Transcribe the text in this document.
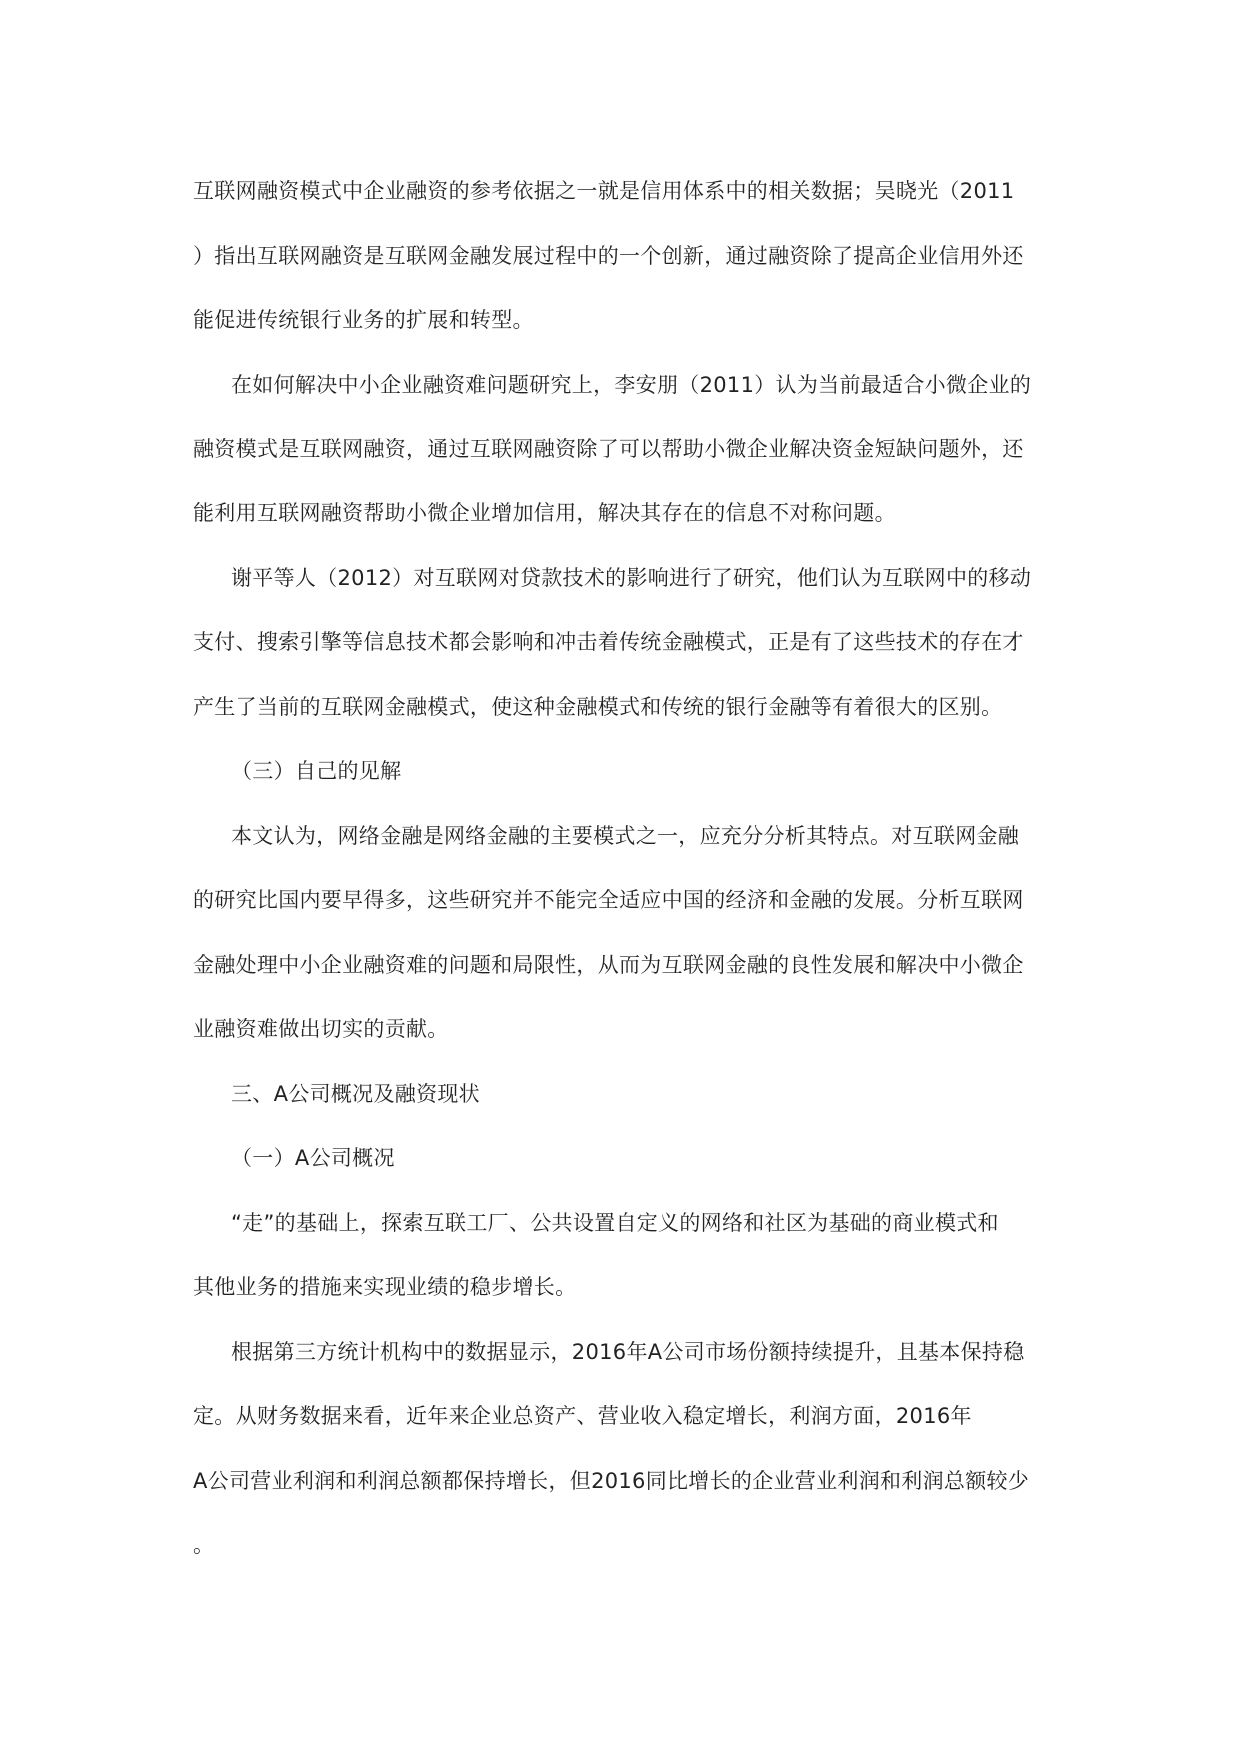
互联网融资模式中企业融资的参考依据之一就是信用体系中的相关数据；吴晓光（2011
）指出互联网融资是互联网金融发展过程中的一个创新，通过融资除了提高企业信用外还
能促进传统银行业务的扩展和转型。
在如何解决中小企业融资难问题研究上，李安朋（2011）认为当前最适合小微企业的
融资模式是互联网融资，通过互联网融资除了可以帮助小微企业解决资金短缺问题外，还
能利用互联网融资帮助小微企业增加信用，解决其存在的信息不对称问题。
谢平等人（2012）对互联网对贷款技术的影响进行了研究，他们认为互联网中的移动
支付、搜索引擎等信息技术都会影响和冲击着传统金融模式，正是有了这些技术的存在才
产生了当前的互联网金融模式，使这种金融模式和传统的银行金融等有着很大的区别。
（三）自己的见解
本文认为，网络金融是网络金融的主要模式之一，应充分分析其特点。对互联网金融
的研究比国内要早得多，这些研究并不能完全适应中国的经济和金融的发展。分析互联网
金融处理中小企业融资难的问题和局限性，从而为互联网金融的良性发展和解决中小微企
业融资难做出切实的贡献。
三、A公司概况及融资现状
（一）A公司概况
“走”的基础上，探索互联工厂、公共设置自定义的网络和社区为基础的商业模式和
其他业务的措施来实现业绩的稳步增长。
根据第三方统计机构中的数据显示，2016年A公司市场份额持续提升，且基本保持稳
定。从财务数据来看，近年来企业总资产、营业收入稳定增长，利润方面，2016年
A公司营业利润和利润总额都保持增长，但2016同比增长的企业营业利润和利润总额较少
。
